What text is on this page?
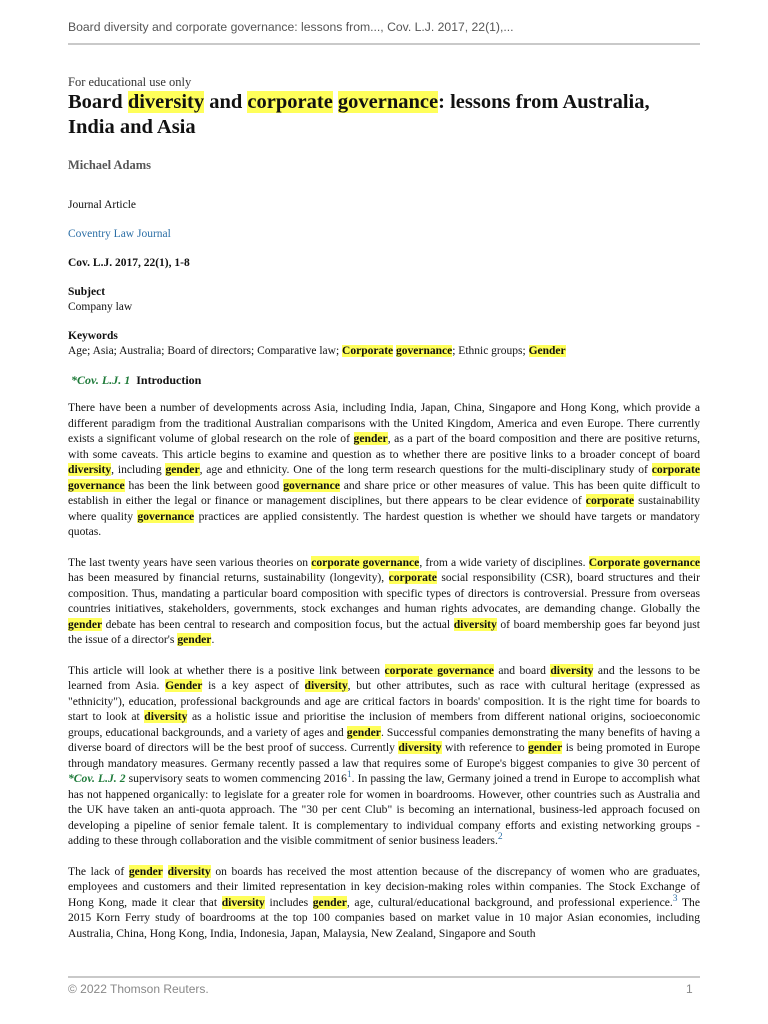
Board diversity and corporate governance: lessons from..., Cov. L.J. 2017, 22(1),...

For educational use only

Board diversity and corporate governance: lessons from Australia, India and Asia

Michael Adams

Journal Article

Coventry Law Journal

Cov. L.J. 2017, 22(1), 1-8

Subject

Company law

Keywords

Age; Asia; Australia; Board of directors; Comparative law; Corporate governance; Ethnic groups; Gender

*Cov. L.J. 1 Introduction

There have been a number of developments across Asia, including India, Japan, China, Singapore and Hong Kong, which provide a different paradigm from the traditional Australian comparisons with the United Kingdom, America and even Europe. There currently exists a significant volume of global research on the role of gender, as a part of the board composition and there are positive returns, with some caveats. This article begins to examine and question as to whether there are positive links to a broader concept of board diversity, including gender, age and ethnicity. One of the long term research questions for the multi-disciplinary study of corporate governance has been the link between good governance and share price or other measures of value. This has been quite difficult to establish in either the legal or finance or management disciplines, but there appears to be clear evidence of corporate sustainability where quality governance practices are applied consistently. The hardest question is whether we should have targets or mandatory quotas.

The last twenty years have seen various theories on corporate governance, from a wide variety of disciplines. Corporate governance has been measured by financial returns, sustainability (longevity), corporate social responsibility (CSR), board structures and their composition. Thus, mandating a particular board composition with specific types of directors is controversial. Pressure from overseas countries initiatives, stakeholders, governments, stock exchanges and human rights advocates, are demanding change. Globally the gender debate has been central to research and composition focus, but the actual diversity of board membership goes far beyond just the issue of a director's gender.

This article will look at whether there is a positive link between corporate governance and board diversity and the lessons to be learned from Asia. Gender is a key aspect of diversity, but other attributes, such as race with cultural heritage (expressed as "ethnicity"), education, professional backgrounds and age are critical factors in boards' composition. It is the right time for boards to start to look at diversity as a holistic issue and prioritise the inclusion of members from different national origins, socioeconomic groups, educational backgrounds, and a variety of ages and gender. Successful companies demonstrating the many benefits of having a diverse board of directors will be the best proof of success. Currently diversity with reference to gender is being promoted in Europe through mandatory measures. Germany recently passed a law that requires some of Europe's biggest companies to give 30 percent of *Cov. L.J. 2 supervisory seats to women commencing 2016$^1$. In passing the law, Germany joined a trend in Europe to accomplish what has not happened organically: to legislate for a greater role for women in boardrooms. However, other countries such as Australia and the UK have taken an anti-quota approach. The "30 per cent Club" is becoming an international, business-led approach focused on developing a pipeline of senior female talent. It is complementary to individual company efforts and existing networking groups - adding to these through collaboration and the visible commitment of senior business leaders.$^2$

The lack of gender diversity on boards has received the most attention because of the discrepancy of women who are graduates, employees and customers and their limited representation in key decision-making roles within companies. The Stock Exchange of Hong Kong, made it clear that diversity includes gender, age, cultural/educational background, and professional experience.$^3$ The 2015 Korn Ferry study of boardrooms at the top 100 companies based on market value in 10 major Asian economies, including Australia, China, Hong Kong, India, Indonesia, Japan, Malaysia, New Zealand, Singapore and South

© 2022 Thomson Reuters.	1
